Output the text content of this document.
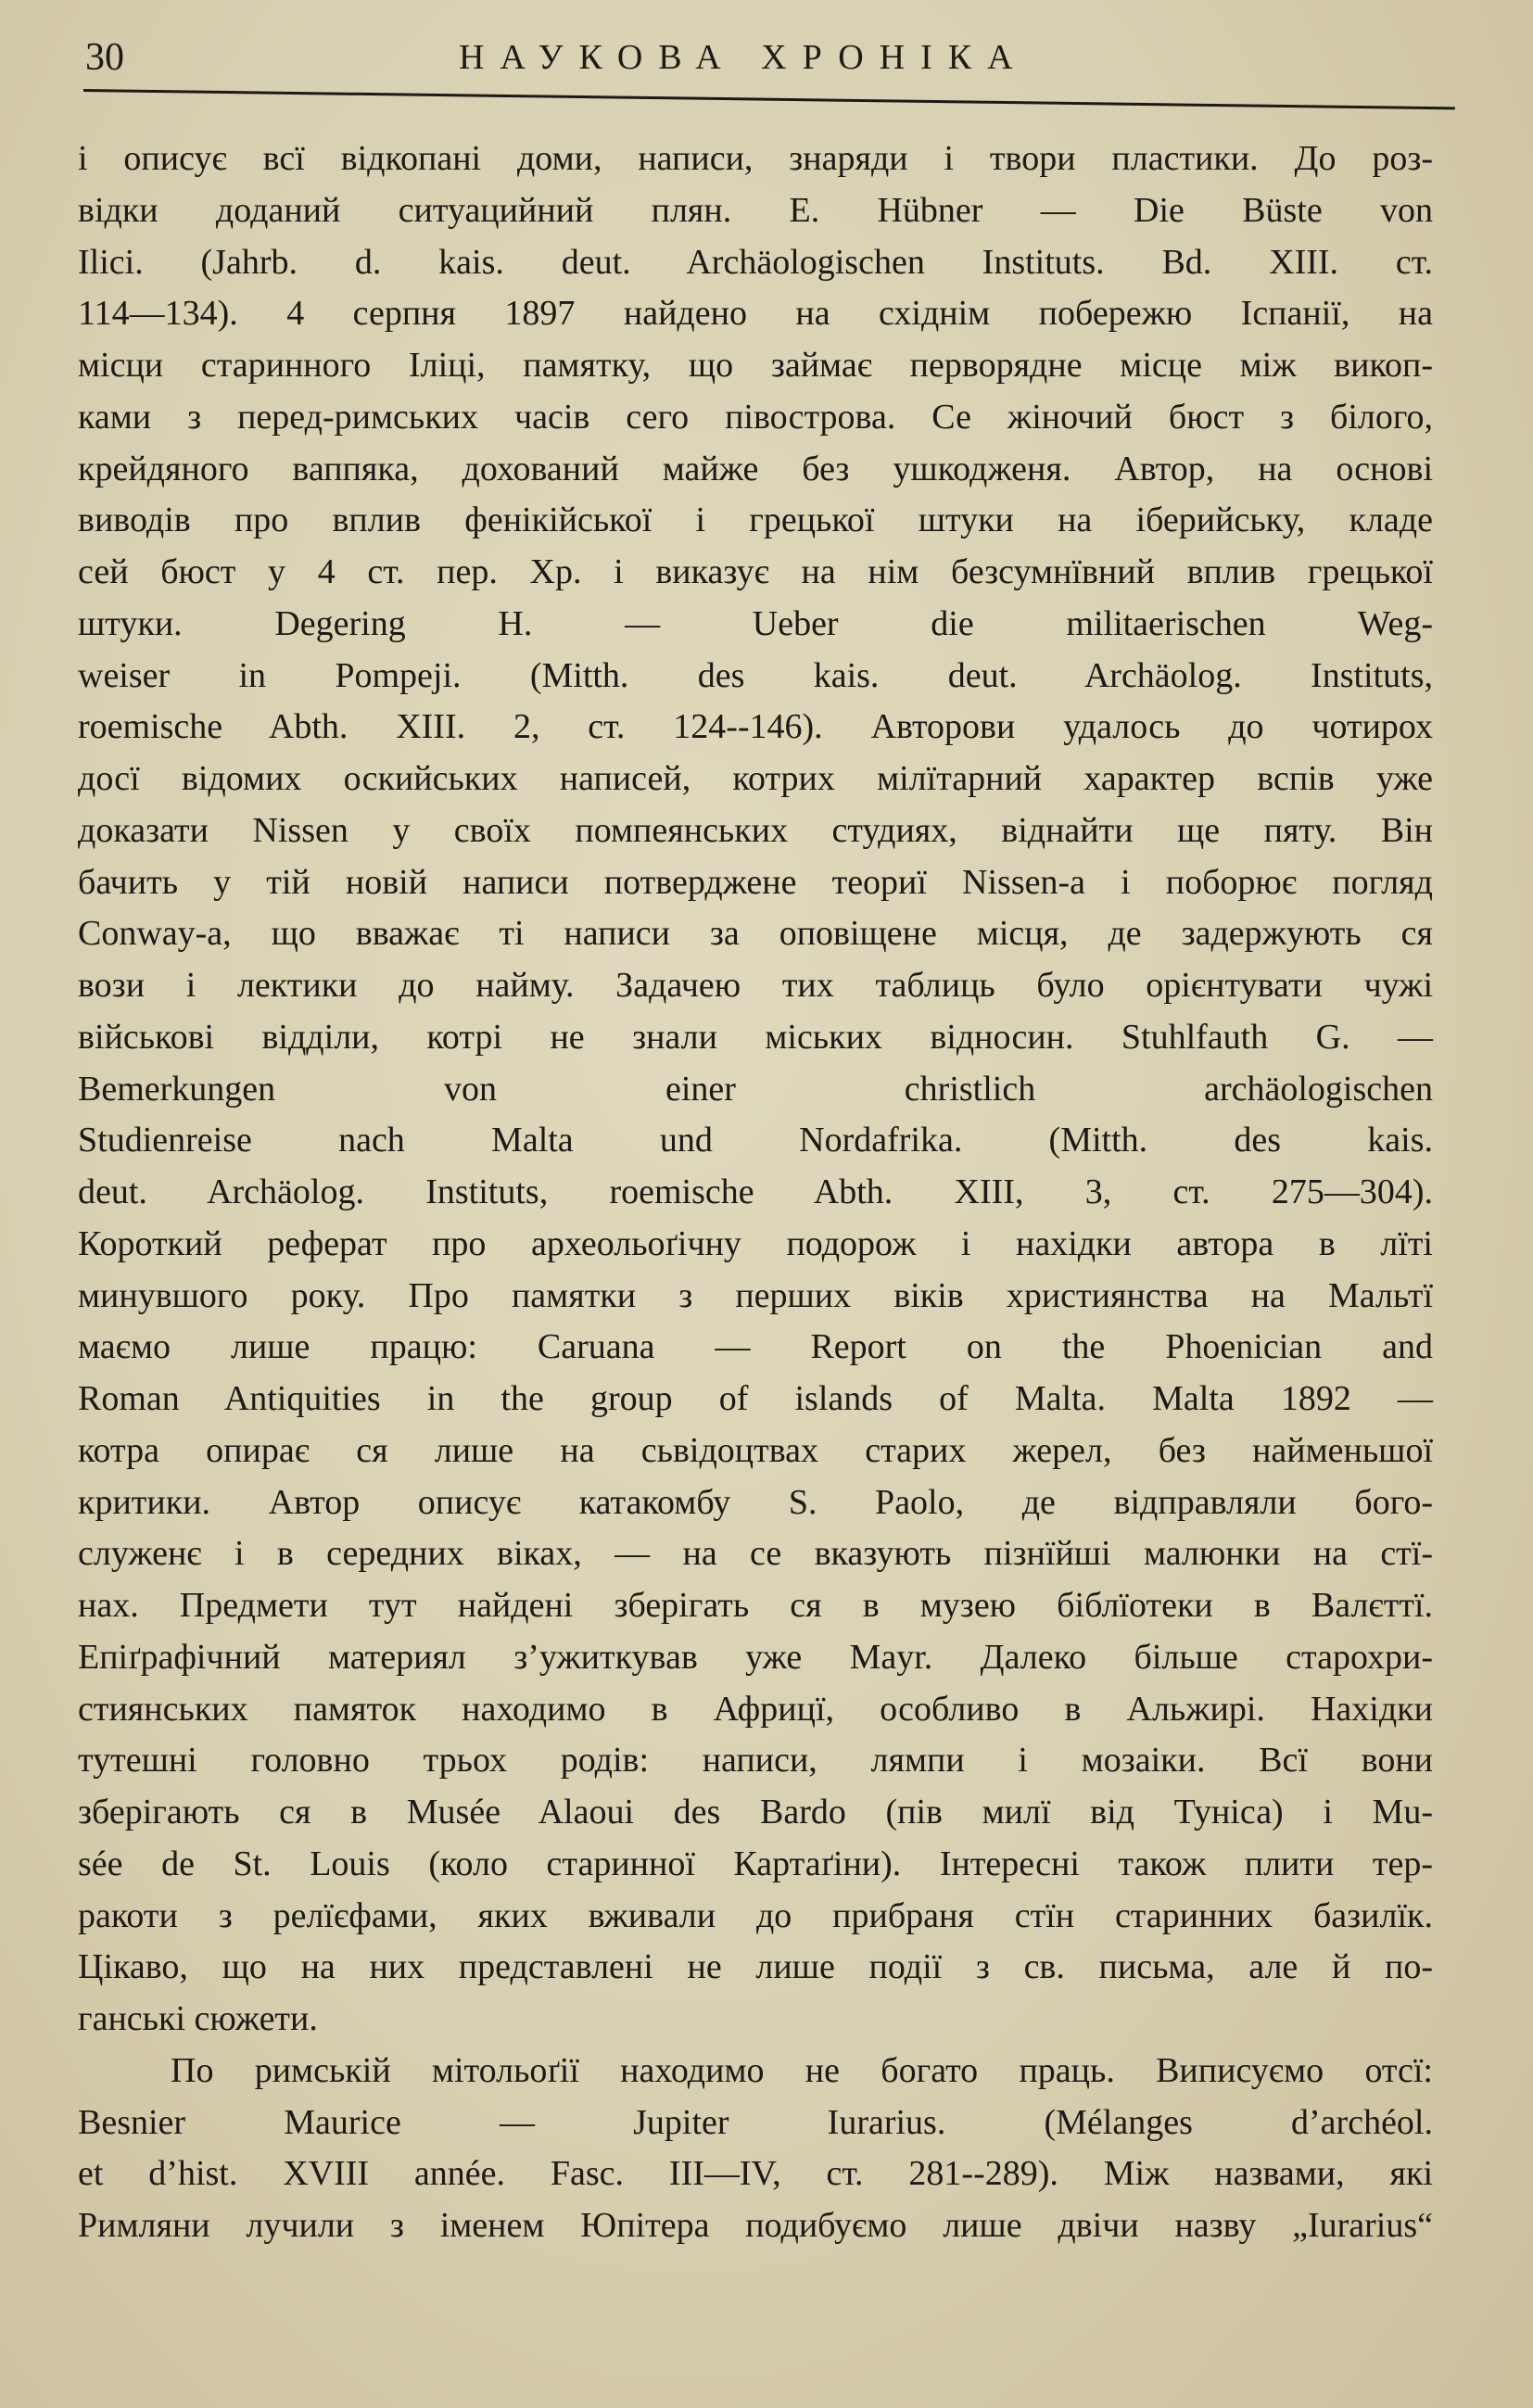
30	НАУКОВА ХРОНІКА
і описує всї відкопані доми, написи, знаряди і твори пластики. До роз-
відки доданий ситуацийний плян. E. Hübner — Die Büste von
Ilici. (Jahrb. d. kais. deut. Archäologischen Instituts. Bd. XIII. ст.
114—134). 4 серпня 1897 найдено на східнім побережю Іспанії, на
місци старинного Іліці, памятку, що займає перворядне місце між викоп-
ками з перед-римських часів сего півострова. Се жіночий бюст з білого,
крейдяного ваппяка, дохований майже без ушкодженя. Автор, на основі
виводів про вплив фенікійської і грецької штуки на іберийську, кладе
сей бюст у 4 ст. пер. Хр. і виказує на нім безсумнївний вплив грецької
штуки. Degering H. — Ueber die militaerischen Weg-
weiser in Pompeji. (Mitth. des kais. deut. Archäolog. Instituts,
roemische Abth. XIII. 2, ст. 124--146). Авторови удалось до чотирох
досї відомих оскийських написей, котрих мілїтарний характер вспів уже
доказати Nissen у своїх помпеянських студиях, віднайти ще пяту. Він
бачить у тій новій написи потверджене теориї Nissen-а і поборює погляд
Conway-а, що вважає ті написи за оповіщене місця, де задержують ся
вози і лектики до найму. Задачею тих таблиць було орієнтувати чужі
військові відділи, котрі не знали міських відносин. Stuhlfauth G. —
Bemerkungen von einer christlich archäologischen
Studienreise nach Malta und Nordafrika. (Mitth. des kais.
deut. Archäolog. Instituts, roemische Abth. XIII, 3, ст. 275—304).
Короткий реферат про археольоґічну подорож і нахідки автора в лїті
минувшого року. Про памятки з перших віків християнства на Мальтї
маємо лише працю: Caruana — Report on the Phoenician and
Roman Antiquities in the group of islands of Malta. Malta 1892 —
котра опирає ся лише на сьвідоцтвах старих жерел, без найменьшої
критики. Автор описує катакомбу S. Paolo, де відправляли бого-
служенє і в середних віках, — на се вказують пізнїйші малюнки на стї-
нах. Предмети тут найдені зберігать ся в музею біблїотеки в Валєттї.
Епіґрафічний материял з’ужиткував уже Mayr. Далеко більше старохри-
стиянських памяток находимо в Африцї, особливо в Альжирі. Нахідки
тутешні головно трьох родів: написи, лямпи і мозаіки. Всї вони
зберігають ся в Musée Alaoui des Bardo (пів милї від Туніса) і Mu-
sée de St. Louis (коло старинної Картаґіни). Інтересні також плити тер-
ракоти з релїєфами, яких вживали до прибраня стїн старинних базилїк.
Цікаво, що на них представлені не лише події з св. письма, але й по-
ганські сюжети.
По римській мітольоґії находимо не богато праць. Виписуємо отсї:
Besnier Maurice — Jupiter Iurarius. (Mélanges d’archéol.
et d’hist. XVIII année. Fasc. III—IV, ст. 281--289). Між назвами, які
Римляни лучили з іменем Юпітера подибуємо лише двічи назву „Iurarius“
